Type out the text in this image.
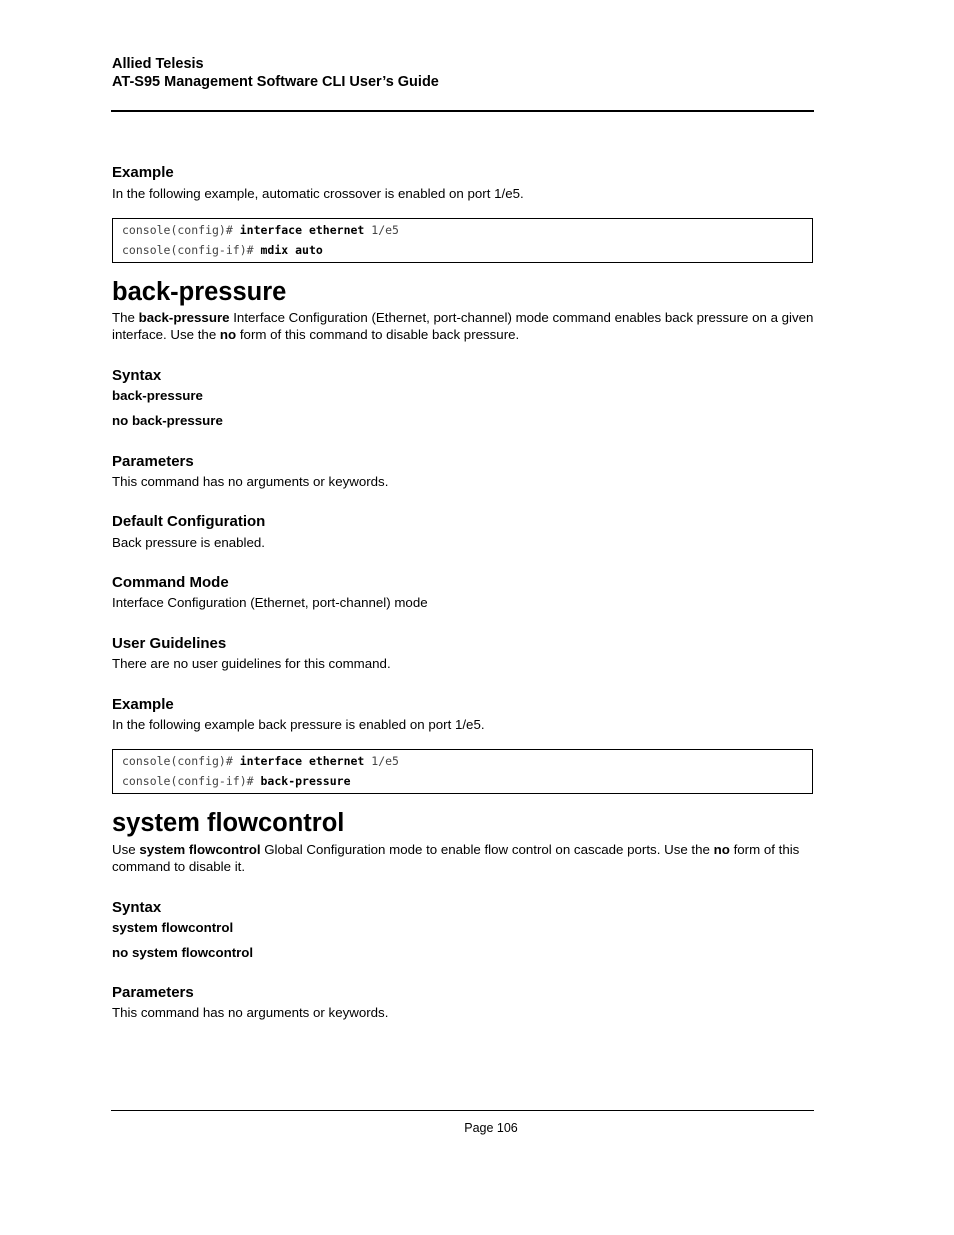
Allied Telesis
AT-S95 Management Software CLI User’s Guide
Example
In the following example, automatic crossover is enabled on port 1/e5.
console(config)# interface ethernet 1/e5
console(config-if)# mdix auto
back-pressure
The back-pressure Interface Configuration (Ethernet, port-channel) mode command enables back pressure on a given interface. Use the no form of this command to disable back pressure.
Syntax
back-pressure
no back-pressure
Parameters
This command has no arguments or keywords.
Default Configuration
Back pressure is enabled.
Command Mode
Interface Configuration (Ethernet, port-channel) mode
User Guidelines
There are no user guidelines for this command.
Example
In the following example back pressure is enabled on port 1/e5.
console(config)# interface ethernet 1/e5
console(config-if)# back-pressure
system flowcontrol
Use system flowcontrol Global Configuration mode to enable flow control on cascade ports. Use the no form of this command to disable it.
Syntax
system flowcontrol
no system flowcontrol
Parameters
This command has no arguments or keywords.
Page 106
